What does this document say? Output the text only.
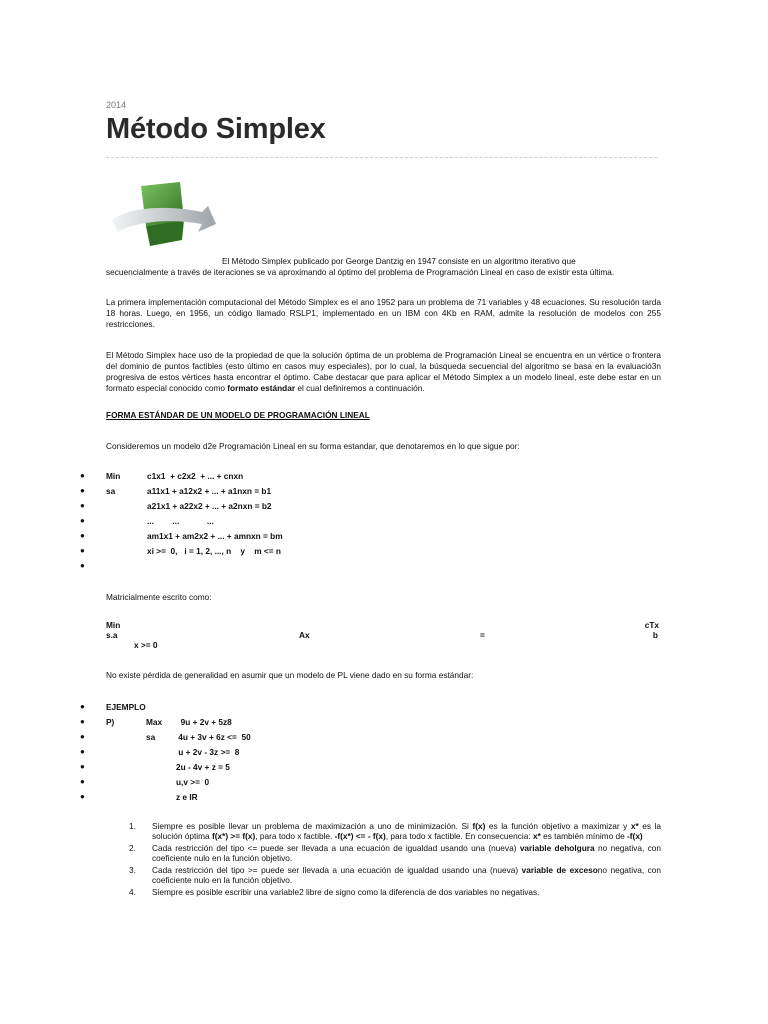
2014

Método Simplex

El Método Simplex publicado por George Dantzig en 1947 consiste en un algoritmo iterativo que

secuencialmente a través de iteraciones se va aproximando al óptimo del problema de Programación Lineal en caso de existir esta última.

La primera implementación computacional del Método Simplex es el ano 1952 para un problema de 71 variables y 48 ecuaciones. Su resolución tarda 18 horas. Luego, en 1956, un código llamado RSLP1, implementado en un IBM con 4Kb en RAM, admite la resolución de modelos con 255 restricciones.

El Método Simplex hace uso de la propiedad de que la solución óptima de un problema de Programación Lineal se encuentra en un vértice o frontera del dominio de puntos factibles (esto último en casos muy especiales), por lo cual, la búsqueda secuencial del algoritmo se basa en la evaluació3n progresiva de estos vértices hasta encontrar el óptimo. Cabe destacar que para aplicar el Método Simplex a un modelo lineal, este debe estar en un formato especial conocido como formato estándar el cual definiremos a continuación.

FORMA ESTÁNDAR DE UN MODELO DE PROGRAMACIÓN LINEAL

Consideremos un modelo d2e Programación Lineal en su forma estandar, que denotaremos en lo que sigue por:

●	Min	c1x1  + c2x2  + ... + cnxn
●	sa	a11x1 + a12x2 + ... + a1nxn = b1
●	a21x1 + a22x2 + ... + a2nxn = b2
●	...        ...            ...
●	am1x1 + am2x2 + ... + amnxn = bm
●	xi >=  0,   i = 1, 2, ..., n    y    m <= n
●

Matricialmente escrito como:

Min	cTx
s.a	Ax	=	b
x >= 0

No existe pérdida de generalidad en asumir que un modelo de PL viene dado en su forma estándar:

●	EJEMPLO
●	P)	Max        9u + 2v + 5z8
●	sa          4u + 3v + 6z <=  50
●	u + 2v - 3z >=  8
●	2u - 4v + z = 5
●	u,v >=  0
●	z e IR
1. Siempre es posible llevar un problema de maximización a uno de minimización. Si f(x) es la función objetivo a maximizar y x* es la solución óptima f(x*) >= f(x), para todo x factible. -f(x*) <= - f(x), para todo x factible. En consecuencia: x* es también mínimo de -f(x)
2. Cada restricción del tipo <= puede ser llevada a una ecuación de igualdad usando una (nueva) variable deholgura no negativa, con coeficiente nulo en la función objetivo.
3. Cada restricción del tipo >= puede ser llevada a una ecuación de igualdad usando una (nueva) variable de excesono negativa, con coeficiente nulo en la función objetivo.
4. Siempre es posible escribir una variable2 libre de signo como la diferencia de dos variables no negativas.
